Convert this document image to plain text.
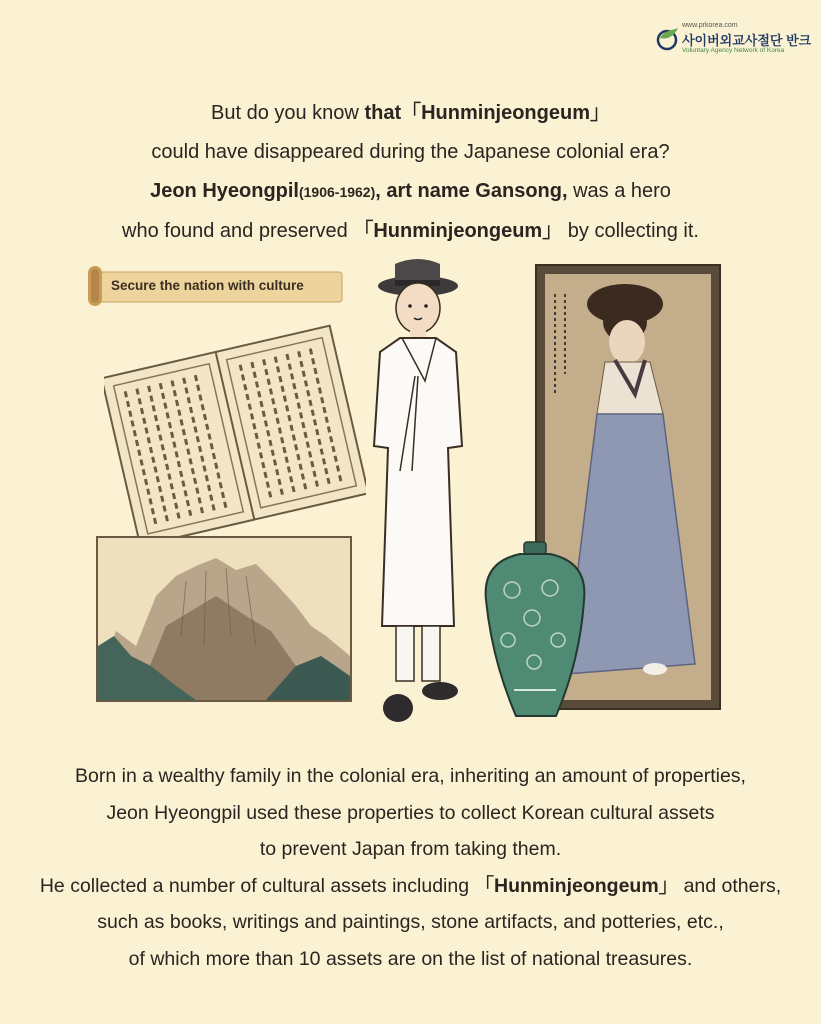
www.prkorea.com
사이버외교사절단 반크
Voluntary Agency Network of Korea

But do you know that「Hunminjeongeum」

could have disappeared during the Japanese colonial era?

Jeon Hyeongpil(1906-1962), art name Gansong, was a hero

who found and preserved 「Hunminjeongeum」 by collecting it.

Secure the nation with culture

Born in a wealthy family in the colonial era, inheriting an amount of properties,

Jeon Hyeongpil used these properties to collect Korean cultural assets

to prevent Japan from taking them.

He collected a number of cultural assets including 「Hunminjeongeum」 and others,

such as books, writings and paintings, stone artifacts, and potteries, etc.,

of which more than 10 assets are on the list of national treasures.
